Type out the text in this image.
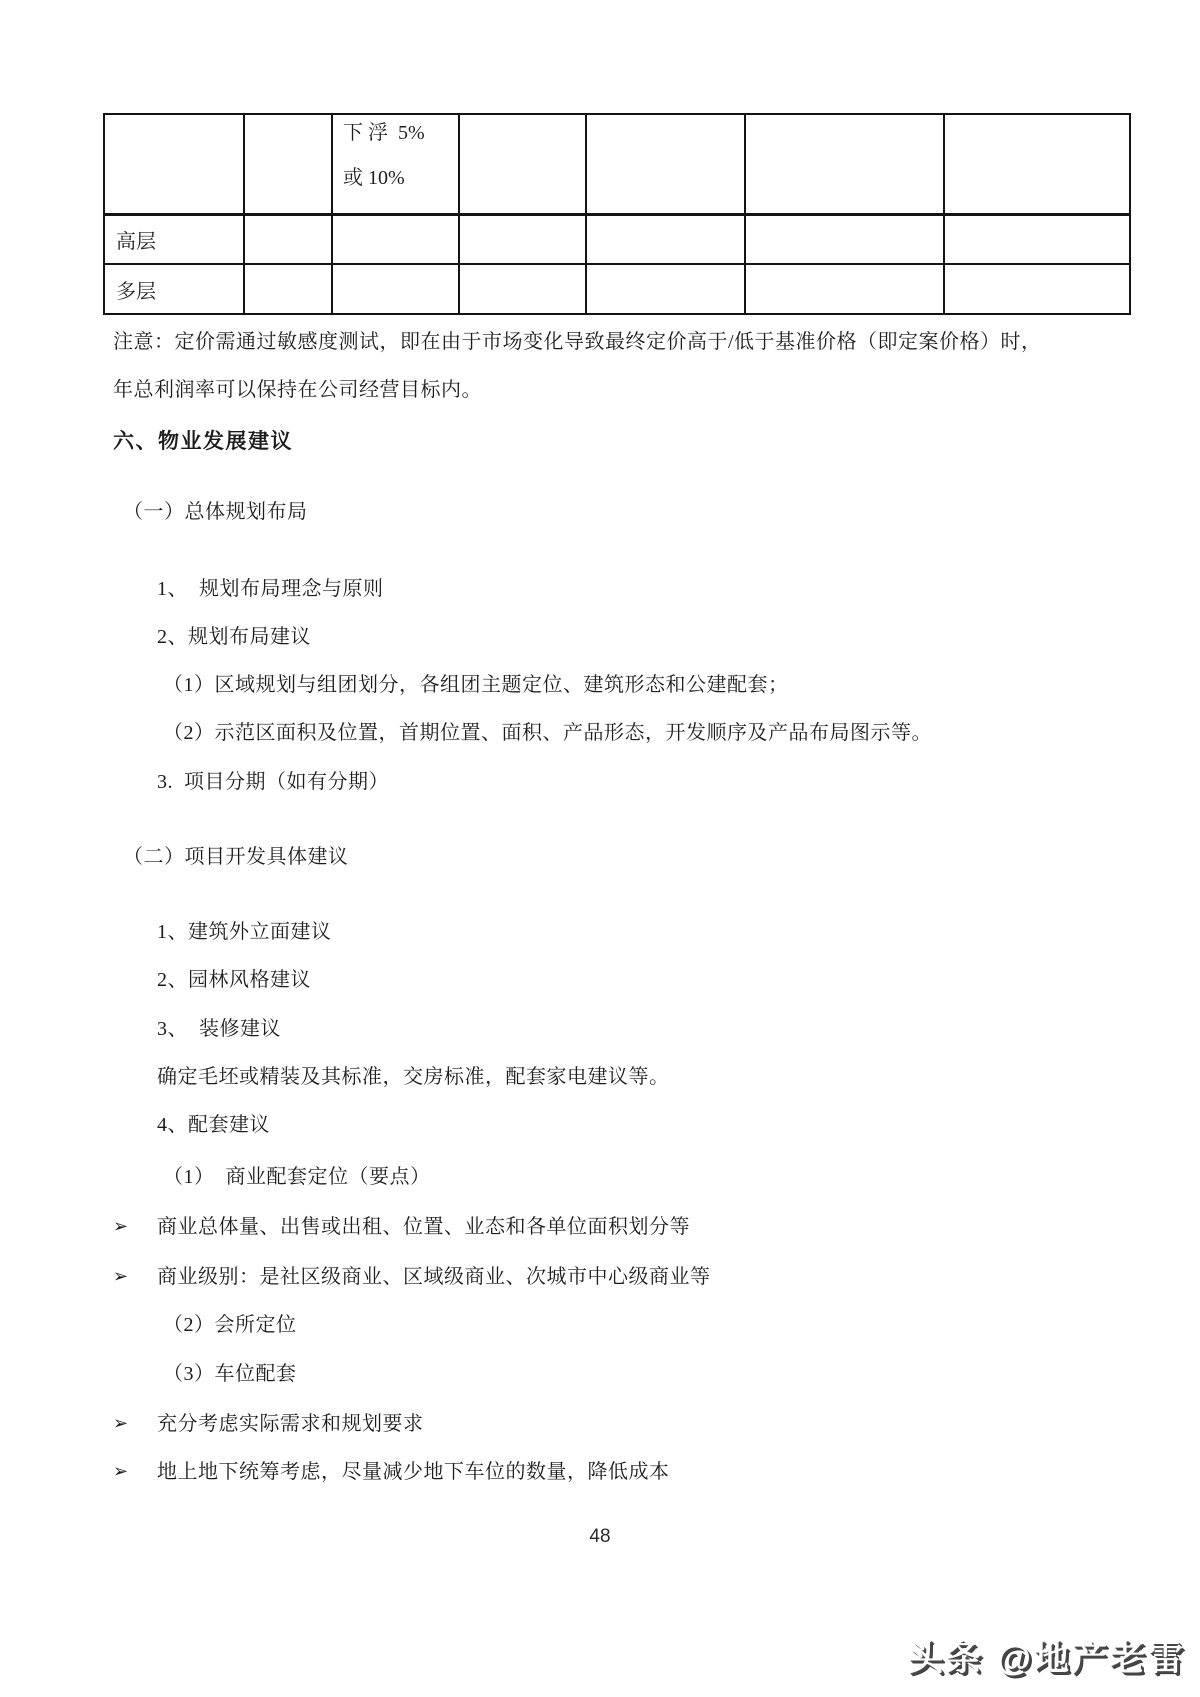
		下 浮  5%
或 10%				

高层						
多层						
注意：定价需通过敏感度测试，即在由于市场变化导致最终定价高于/低于基准价格（即定案价格）时，
年总利润率可以保持在公司经营目标内。
六、物业发展建议
（一）总体规划布局
1、  规划布局理念与原则
2、规划布局建议
（1）区域规划与组团划分，各组团主题定位、建筑形态和公建配套；
（2）示范区面积及位置，首期位置、面积、产品形态，开发顺序及产品布局图示等。
3.  项目分期（如有分期）
（二）项目开发具体建议
1、建筑外立面建议
2、园林风格建议
3、  装修建议
确定毛坯或精装及其标准，交房标准，配套家电建议等。
4、配套建议
（1）  商业配套定位（要点）
➢	商业总体量、出售或出租、位置、业态和各单位面积划分等
➢	商业级别：是社区级商业、区域级商业、次城市中心级商业等
（2）会所定位
（3）车位配套
➢	充分考虑实际需求和规划要求
➢	地上地下统筹考虑，尽量减少地下车位的数量，降低成本
48
头条 @地产老雷
